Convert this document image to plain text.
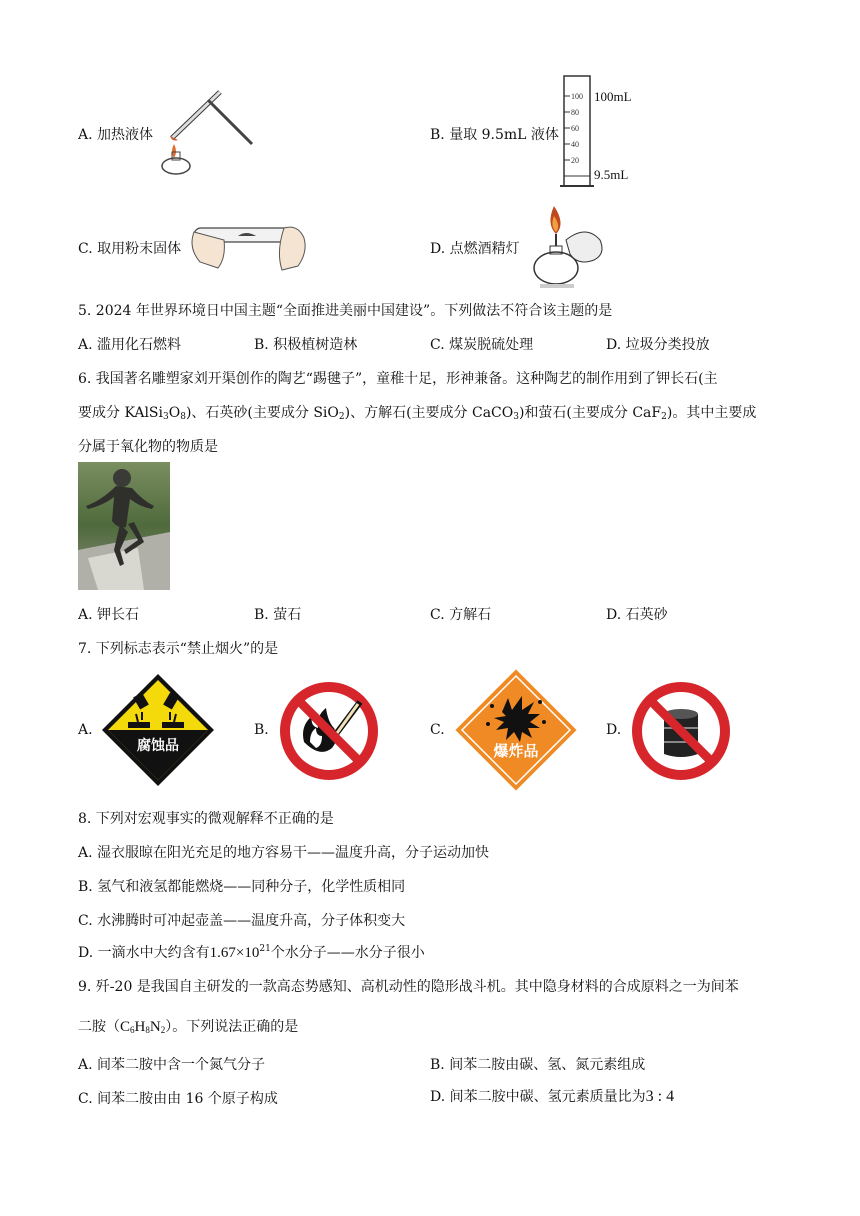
A. 加热液体	B. 量取 9.5mL 液体
100
80
60
40
20
100mL
9.5mL
C. 取用粉末固体	D. 点燃酒精灯
5. 2024 年世界环境日中国主题“全面推进美丽中国建设”。下列做法不符合该主题的是
A. 滥用化石燃料	B. 积极植树造林	C. 煤炭脱硫处理	D. 垃圾分类投放
6. 我国著名雕塑家刘开渠创作的陶艺“踢毽子”，童稚十足，形神兼备。这种陶艺的制作用到了钾长石(主
要成分 $KAlSi_3O_8$)、石英砂(主要成分 SiO$_2$)、方解石(主要成分 CaCO$_3$)和萤石(主要成分 CaF$_2$)。其中主要成
分属于氧化物的物质是
A. 钾长石	B. 萤石	C. 方解石	D. 石英砂
7. 下列标志表示“禁止烟火”的是
A.
腐蚀品
B.	C.
爆炸品
D.
8. 下列对宏观事实的微观解释不正确的是
A. 湿衣服晾在阳光充足的地方容易干——温度升高，分子运动加快
B. 氢气和液氢都能燃烧——同种分子，化学性质相同
C. 水沸腾时可冲起壶盖——温度升高，分子体积变大
D. 一滴水中大约含有$1.67\times 10^{21}$个水分子——水分子很小
9. 歼-20 是我国自主研发的一款高态势感知、高机动性的隐形战斗机。其中隐身材料的合成原料之一为间苯
二胺$(C_6H_8N_2)$。下列说法正确的是
A. 间苯二胺中含一个氮气分子	B. 间苯二胺由碳、氢、氮元素组成
C. 间苯二胺由由 16 个原子构成	D. 间苯二胺中碳、氢元素质量比为3 : 4
